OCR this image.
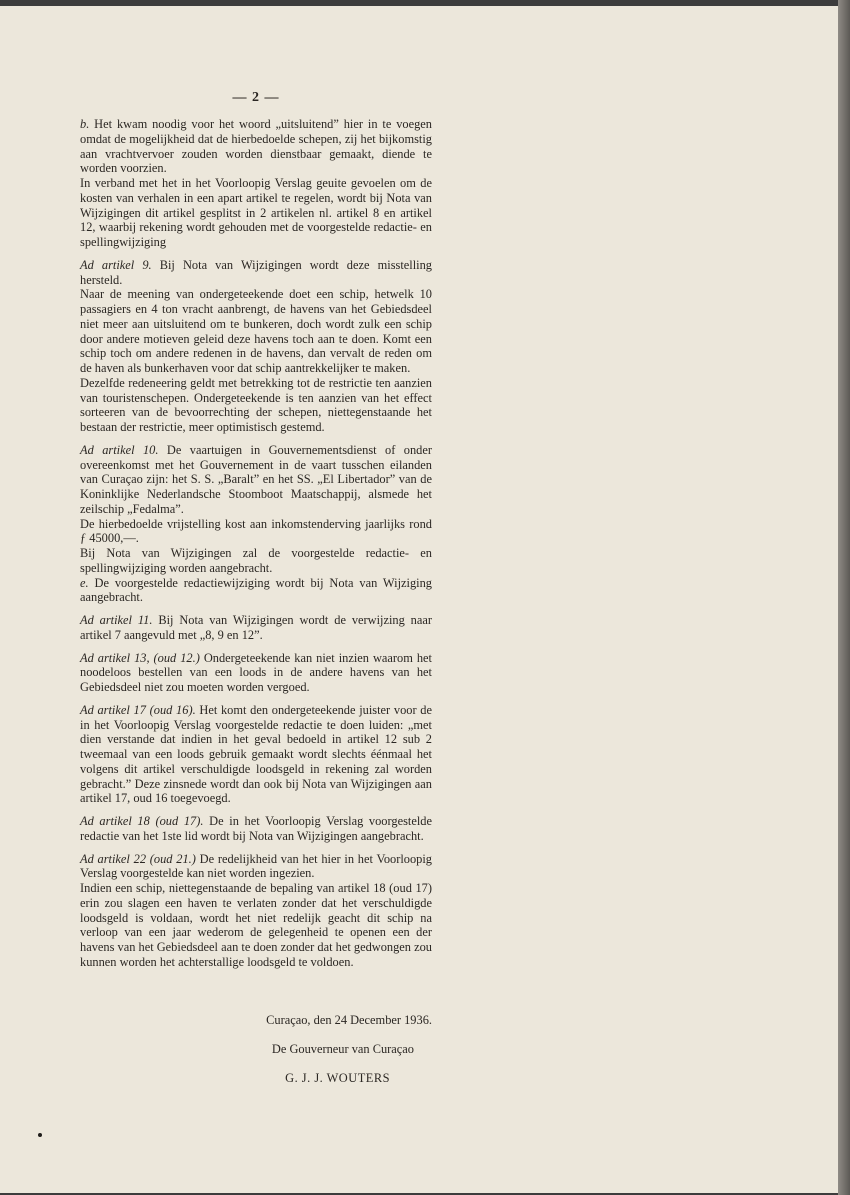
— 2 —

b. Het kwam noodig voor het woord „uitsluitend” hier in te voegen omdat de mogelijkheid dat de hierbedoelde schepen, zij het bijkomstig aan vrachtvervoer zouden worden dienstbaar gemaakt, diende te worden voorzien.

In verband met het in het Voorloopig Verslag geuite gevoelen om de kosten van verhalen in een apart artikel te regelen, wordt bij Nota van Wijzigingen dit artikel gesplitst in 2 artikelen nl. artikel 8 en artikel 12, waarbij rekening wordt gehouden met de voorgestelde redactie- en spellingwijziging

Ad artikel 9. Bij Nota van Wijzigingen wordt deze misstelling hersteld.

Naar de meening van ondergeteekende doet een schip, hetwelk 10 passagiers en 4 ton vracht aanbrengt, de havens van het Gebiedsdeel niet meer aan uitsluitend om te bunkeren, doch wordt zulk een schip door andere motieven geleid deze havens toch aan te doen. Komt een schip toch om andere redenen in de havens, dan vervalt de reden om de haven als bunkerhaven voor dat schip aantrekkelijker te maken.

Dezelfde redeneering geldt met betrekking tot de restrictie ten aanzien van touristenschepen. Ondergeteekende is ten aanzien van het effect sorteeren van de bevoorrechting der schepen, niettegenstaande het bestaan der restrictie, meer optimistisch gestemd.

Ad artikel 10. De vaartuigen in Gouvernementsdienst of onder overeenkomst met het Gouvernement in de vaart tusschen eilanden van Curaçao zijn: het S. S. „Baralt” en het SS. „El Libertador” van de Koninklijke Nederlandsche Stoomboot Maatschappij, alsmede het zeilschip „Fedalma”.

De hierbedoelde vrijstelling kost aan inkomstenderving jaarlijks rond ƒ 45000,—.

Bij Nota van Wijzigingen zal de voorgestelde redactie- en spellingwijziging worden aangebracht.

e. De voorgestelde redactiewijziging wordt bij Nota van Wijziging aangebracht.

Ad artikel 11. Bij Nota van Wijzigingen wordt de verwijzing naar artikel 7 aangevuld met „8, 9 en 12”.

Ad artikel 13, (oud 12.) Ondergeteekende kan niet inzien waarom het noodeloos bestellen van een loods in de andere havens van het Gebiedsdeel niet zou moeten worden vergoed.

Ad artikel 17 (oud 16). Het komt den ondergeteekende juister voor de in het Voorloopig Verslag voorgestelde redactie te doen luiden: „met dien verstande dat indien in het geval bedoeld in artikel 12 sub 2 tweemaal van een loods gebruik gemaakt wordt slechts éénmaal het volgens dit artikel verschuldigde loodsgeld in rekening zal worden gebracht.” Deze zinsnede wordt dan ook bij Nota van Wijzigingen aan artikel 17, oud 16 toegevoegd.

Ad artikel 18 (oud 17). De in het Voorloopig Verslag voorgestelde redactie van het 1ste lid wordt bij Nota van Wijzigingen aangebracht.

Ad artikel 22 (oud 21.) De redelijkheid van het hier in het Voorloopig Verslag voorgestelde kan niet worden ingezien.

Indien een schip, niettegenstaande de bepaling van artikel 18 (oud 17) erin zou slagen een haven te verlaten zonder dat het verschuldigde loodsgeld is voldaan, wordt het niet redelijk geacht dit schip na verloop van een jaar wederom de gelegenheid te openen een der havens van het Gebiedsdeel aan te doen zonder dat het gedwongen zou kunnen worden het achterstallige loodsgeld te voldoen.

Curaçao, den 24 December 1936.
De Gouverneur van Curaçao
G. J. J. WOUTERS
